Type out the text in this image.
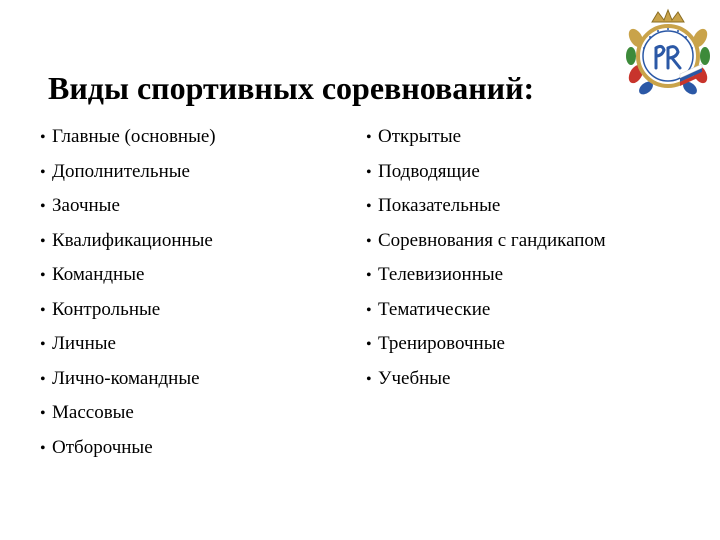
Виды спортивных соревнований:
• Главные (основные)
• Дополнительные
• Заочные
• Квалификационные
• Командные
• Контрольные
• Личные
• Лично-командные
• Массовые
• Отборочные
• Открытые
• Подводящие
• Показательные
• Соревнования с гандикапом
• Телевизионные
• Тематические
• Тренировочные
• Учебные
